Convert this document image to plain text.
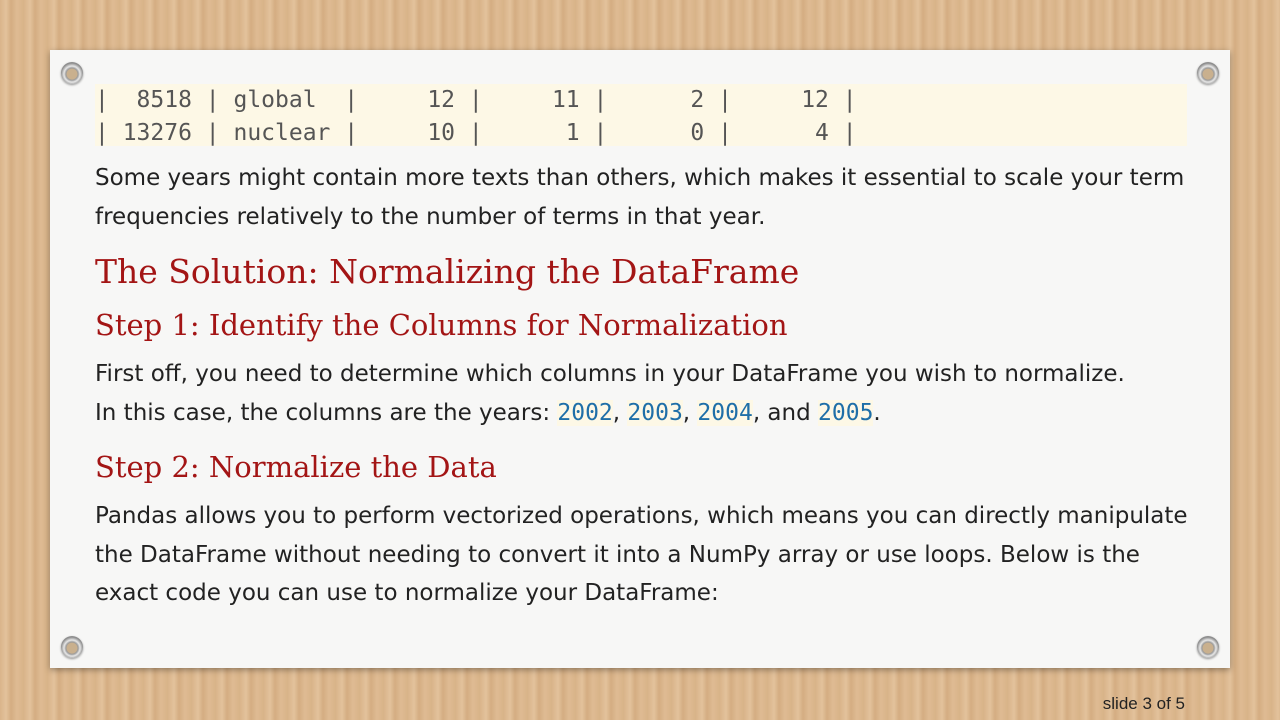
|  8518 | global  |     12 |     11 |      2 |     12 |
| 13276 | nuclear |     10 |      1 |      0 |      4 |
Some years might contain more texts than others, which makes it essential to scale your term frequencies relatively to the number of terms in that year.
The Solution: Normalizing the DataFrame
Step 1: Identify the Columns for Normalization
First off, you need to determine which columns in your DataFrame you wish to normalize.
In this case, the columns are the years: 2002, 2003, 2004, and 2005.
Step 2: Normalize the Data
Pandas allows you to perform vectorized operations, which means you can directly manipulate the DataFrame without needing to convert it into a NumPy array or use loops. Below is the exact code you can use to normalize your DataFrame:
slide 3 of 5
